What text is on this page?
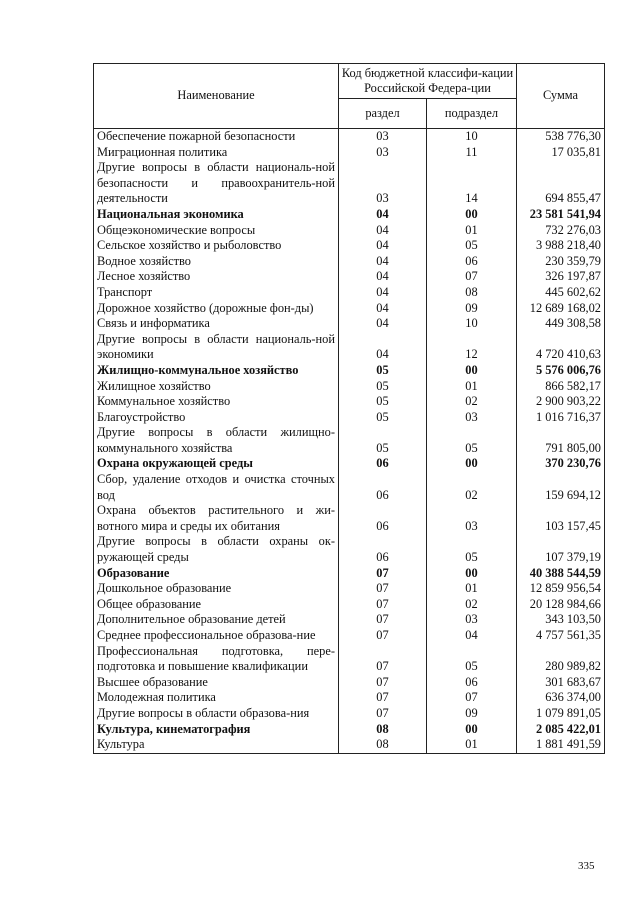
Наименование	Код бюджетной классифи-кации Российской Федера-ции		Сумма
	раздел	подраздел	
Обеспечение пожарной безопасности	03	10	538 776,30
Миграционная политика	03	11	17 035,81
Другие вопросы в области националь-ной безопасности и правоохранитель-ной деятельности	03	14	694 855,47
Национальная экономика	04	00	23 581 541,94
Общеэкономические вопросы	04	01	732 276,03
Сельское хозяйство и рыболовство	04	05	3 988 218,40
Водное хозяйство	04	06	230 359,79
Лесное хозяйство	04	07	326 197,87
Транспорт	04	08	445 602,62
Дорожное хозяйство (дорожные фон-ды)	04	09	12 689 168,02
Связь и информатика	04	10	449 308,58
Другие вопросы в области националь-ной экономики	04	12	4 720 410,63
Жилищно-коммунальное хозяйство	05	00	5 576 006,76
Жилищное хозяйство	05	01	866 582,17
Коммунальное хозяйство	05	02	2 900 903,22
Благоустройство	05	03	1 016 716,37
Другие вопросы в области жилищно-коммунального хозяйства	05	05	791 805,00
Охрана окружающей среды	06	00	370 230,76
Сбор, удаление отходов и очистка сточных вод	06	02	159 694,12
Охрана объектов растительного и жи-вотного мира и среды их обитания	06	03	103 157,45
Другие вопросы в области охраны ок-ружающей среды	06	05	107 379,19
Образование	07	00	40 388 544,59
Дошкольное образование	07	01	12 859 956,54
Общее образование	07	02	20 128 984,66
Дополнительное образование детей	07	03	343 103,50
Среднее профессиональное образова-ние	07	04	4 757 561,35
Профессиональная подготовка, пере-подготовка и повышение квалификации	07	05	280 989,82
Высшее образование	07	06	301 683,67
Молодежная политика	07	07	636 374,00
Другие вопросы в области образова-ния	07	09	1 079 891,05
Культура, кинематография	08	00	2 085 422,01
Культура	08	01	1 881 491,59
335
